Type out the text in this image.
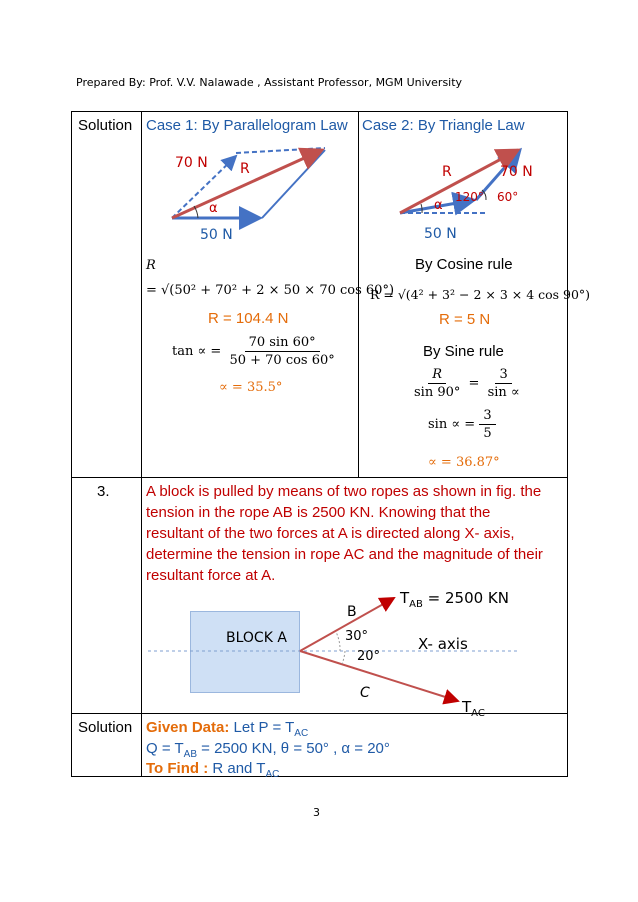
Prepared By: Prof. V.V. Nalawade , Assistant Professor, MGM University
Solution Case 1: By Parallelogram Law Case 2: By Triangle Law
70 N R
α
50 N
R
= √(50² + 70² + 2 × 50 × 70 cos 60°)
R = 104.4 N
tan ∝ = $\frac{70 \sin 60^\circ}{50 + 70 \cos 60^\circ}$
∝ = 35.5°
R	70 N
120° 60°
α
50 N
By Cosine rule
R = √(4² + 3² − 2 × 3 × 4 cos 90°)
R = 5 N
By Sine rule
$\frac{R}{\sin 90^\circ} = \frac{3}{\sin \propto}$
sin ∝ = $\frac{3}{5}$
∝ = 36.87°
3. A block is pulled by means of two ropes as shown in fig. the
tension in the rope AB is 2500 KN. Knowing that the
resultant of the two forces at A is directed along X- axis,
determine the tension in rope AC and the magnitude of their
resultant force at A.
BLOCK A
B
C
$T_{AB} = 2500$ KN
30°
20°
X- axis
$T_{AC}$
Solution Given Data: Let $P = T_{AC}$
$Q = T_{AB} = 2500$ KN, θ = 50° , α = 20°
To Find : R and $T_{AC}$
3
